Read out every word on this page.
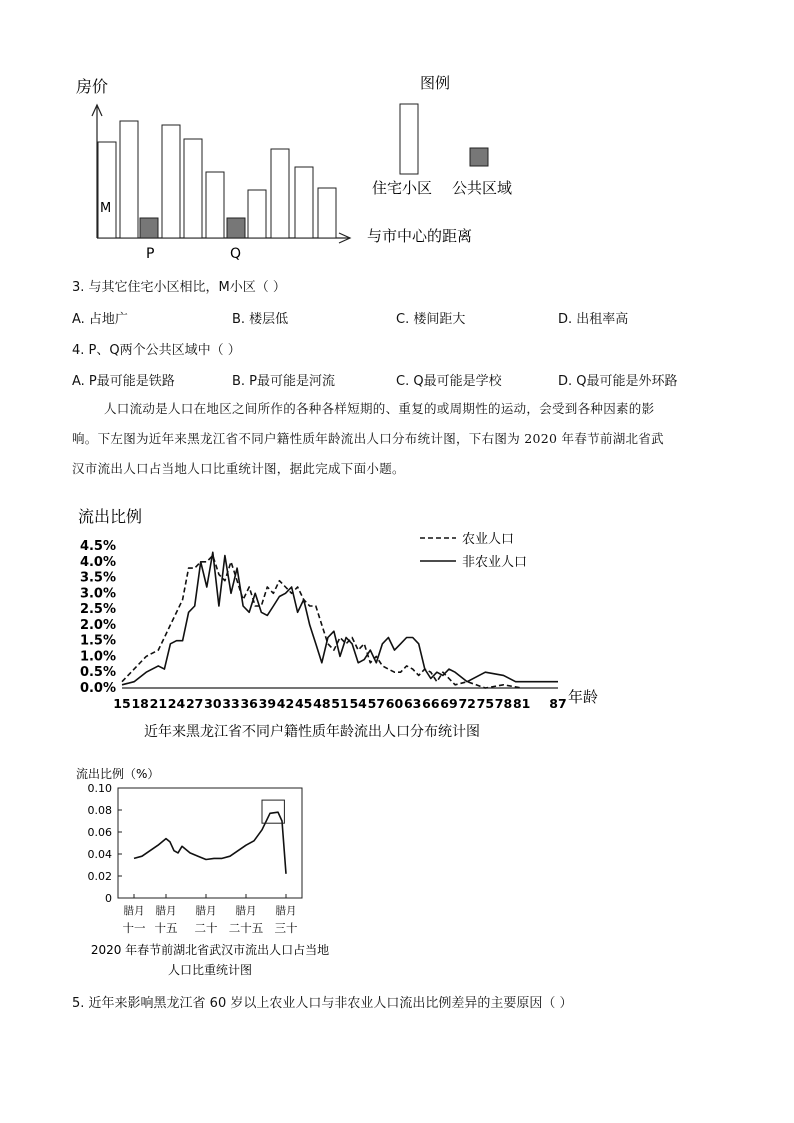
房价
M
P	Q
与市中心的距离
图例
住宅小区 公共区域
3. 与其它住宅小区相比，M小区（ ）
A. 占地广	B. 楼层低	C. 楼间距大	D. 出租率高
4. P、Q两个公共区域中（ ）
A. P最可能是铁路	B. P最可能是河流	C. Q最可能是学校	D. Q最可能是外环路
人口流动是人口在地区之间所作的各种各样短期的、重复的或周期性的运动，会受到各种因素的影
响。下左图为近年来黑龙江省不同户籍性质年龄流出人口分布统计图，下右图为 2020 年春节前湖北省武
汉市流出人口占当地人口比重统计图，据此完成下面小题。
流出比例
0.0%
0.5%
1.0%
1.5%
2.0%
2.5%
3.0%
3.5%
4.0%
4.5%
15 18 21 24 27 30 33 36 39 42 45 48 51 54 57 60 63 66 69 72 75 78 81 87 年龄
农业人口
非农业人口
近年来黑龙江省不同户籍性质年龄流出人口分布统计图
流出比例（%）
0
0.02
0.04
0.06
0.08
0.10
腊月
十一
腊月
十五
腊月
二十
腊月
二十五
腊月
三十
2020 年春节前湖北省武汉市流出人口占当地
人口比重统计图
5. 近年来影响黑龙江省 60 岁以上农业人口与非农业人口流出比例差异的主要原因（ ）
